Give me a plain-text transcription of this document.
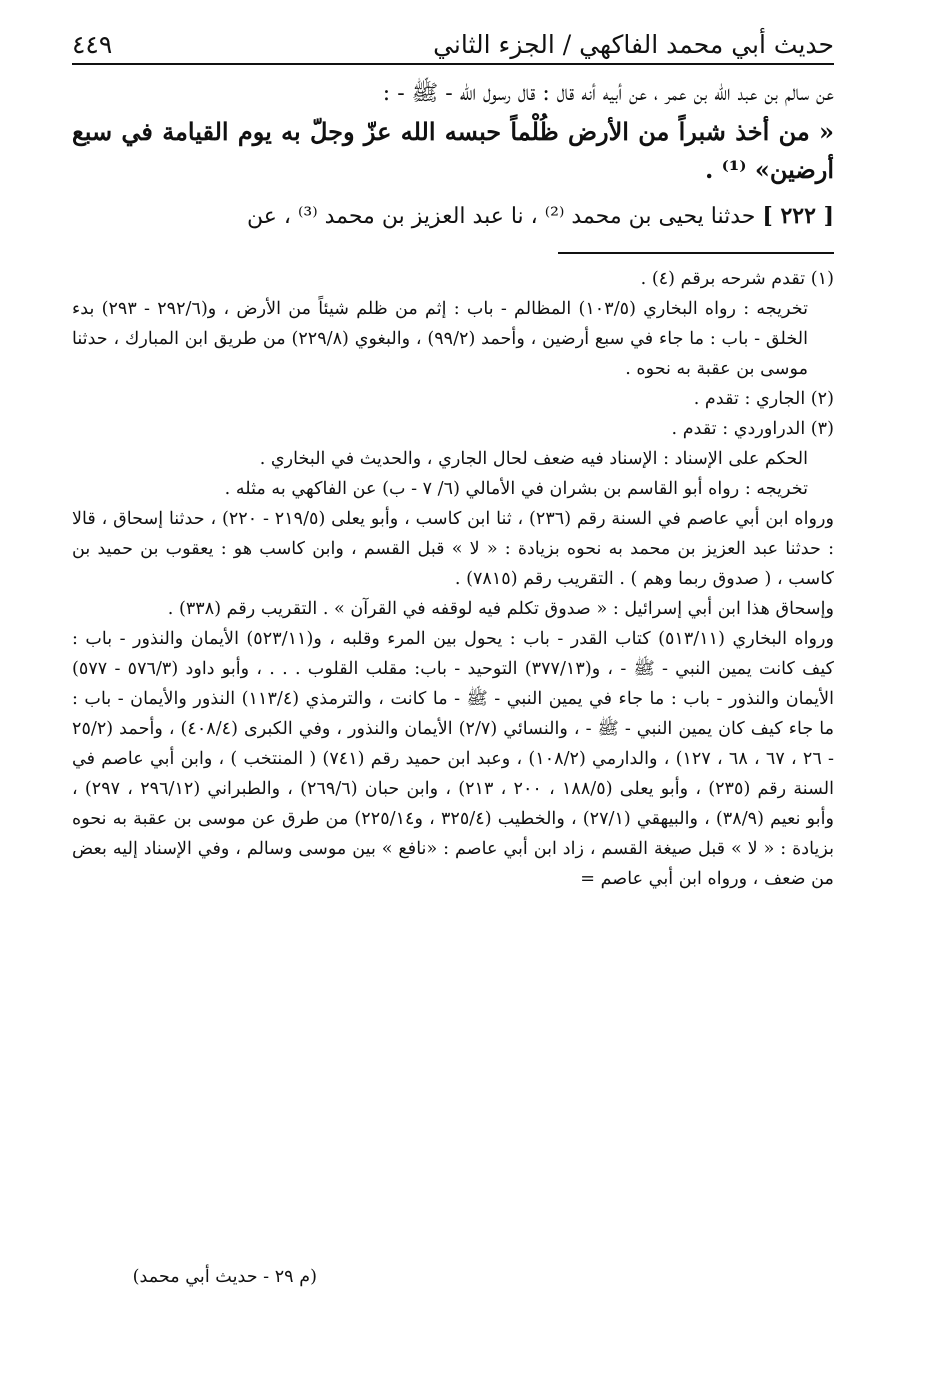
حديث أبي محمد الفاكهي / الجزء الثاني
٤٤٩

عن سالم بن عبد الله بن عمر ، عن أبيه أنه قال : قال رسول الله - ﷺ - :

« من أخذ شبراً من الأرض ظُلْماً حبسه الله عزّ وجلّ به يوم القيامة في سبع أرضين» ⁽¹⁾ .

[ ٢٢٢ ] حدثنا يحيى بن محمد ⁽²⁾ ، نا عبد العزيز بن محمد ⁽³⁾ ، عن

(١) تقدم شرحه برقم (٤) .

تخريجه : رواه البخاري (١٠٣/٥) المظالم - باب : إثم من ظلم شيئاً من الأرض ، و(٢٩٢/٦ - ٢٩٣) بدء الخلق - باب : ما جاء في سبع أرضين ، وأحمد (٩٩/٢) ، والبغوي (٢٢٩/٨) من طريق ابن المبارك ، حدثنا موسى بن عقبة به نحوه .

(٢) الجاري : تقدم .

(٣) الدراوردي : تقدم .

الحكم على الإسناد : الإسناد فيه ضعف لحال الجاري ، والحديث في البخاري .

تخريجه : رواه أبو القاسم بن بشران في الأمالي (٦/ ٧ - ب) عن الفاكهي به مثله .

ورواه ابن أبي عاصم في السنة رقم (٢٣٦) ، ثنا ابن كاسب ، وأبو يعلى (٢١٩/٥ - ٢٢٠) ، حدثنا إسحاق ، قالا : حدثنا عبد العزيز بن محمد به نحوه بزيادة : « لا » قبل القسم ، وابن كاسب هو : يعقوب بن حميد بن كاسب ، ( صدوق ربما وهم ) . التقريب رقم (٧٨١٥) .

وإسحاق هذا ابن أبي إسرائيل : « صدوق تكلم فيه لوقفه في القرآن » . التقريب رقم (٣٣٨) .

ورواه البخاري (٥١٣/١١) كتاب القدر - باب : يحول بين المرء وقلبه ، و(٥٢٣/١١) الأيمان والنذور - باب : كيف كانت يمين النبي - ﷺ - ، و(٣٧٧/١٣) التوحيد - باب: مقلب القلوب . . . ، وأبو داود (٥٧٦/٣ - ٥٧٧) الأيمان والنذور - باب : ما جاء في يمين النبي - ﷺ - ما كانت ، والترمذي (١١٣/٤) النذور والأيمان - باب : ما جاء كيف كان يمين النبي - ﷺ - ، والنسائي (٢/٧) الأيمان والنذور ، وفي الكبرى (٤٠٨/٤) ، وأحمد (٢٥/٢ - ٢٦ ، ٦٧ ، ٦٨ ، ١٢٧) ، والدارمي (١٠٨/٢) ، وعبد ابن حميد رقم (٧٤١) ( المنتخب ) ، وابن أبي عاصم في السنة رقم (٢٣٥) ، وأبو يعلى (١٨٨/٥ ، ٢٠٠ ، ٢١٣) ، وابن حبان (٢٦٩/٦) ، والطبراني (٢٩٦/١٢ ، ٢٩٧) ، وأبو نعيم (٣٨/٩) ، والبيهقي (٢٧/١) ، والخطيب (٣٢٥/٤ ، و٢٢٥/١٤) من طرق عن موسى بن عقبة به نحوه بزيادة : « لا » قبل صيغة القسم ، زاد ابن أبي عاصم : «نافع » بين موسى وسالم ، وفي الإسناد إليه بعض من ضعف ، ورواه ابن أبي عاصم =

(م ٢٩ - حديث أبي محمد)
